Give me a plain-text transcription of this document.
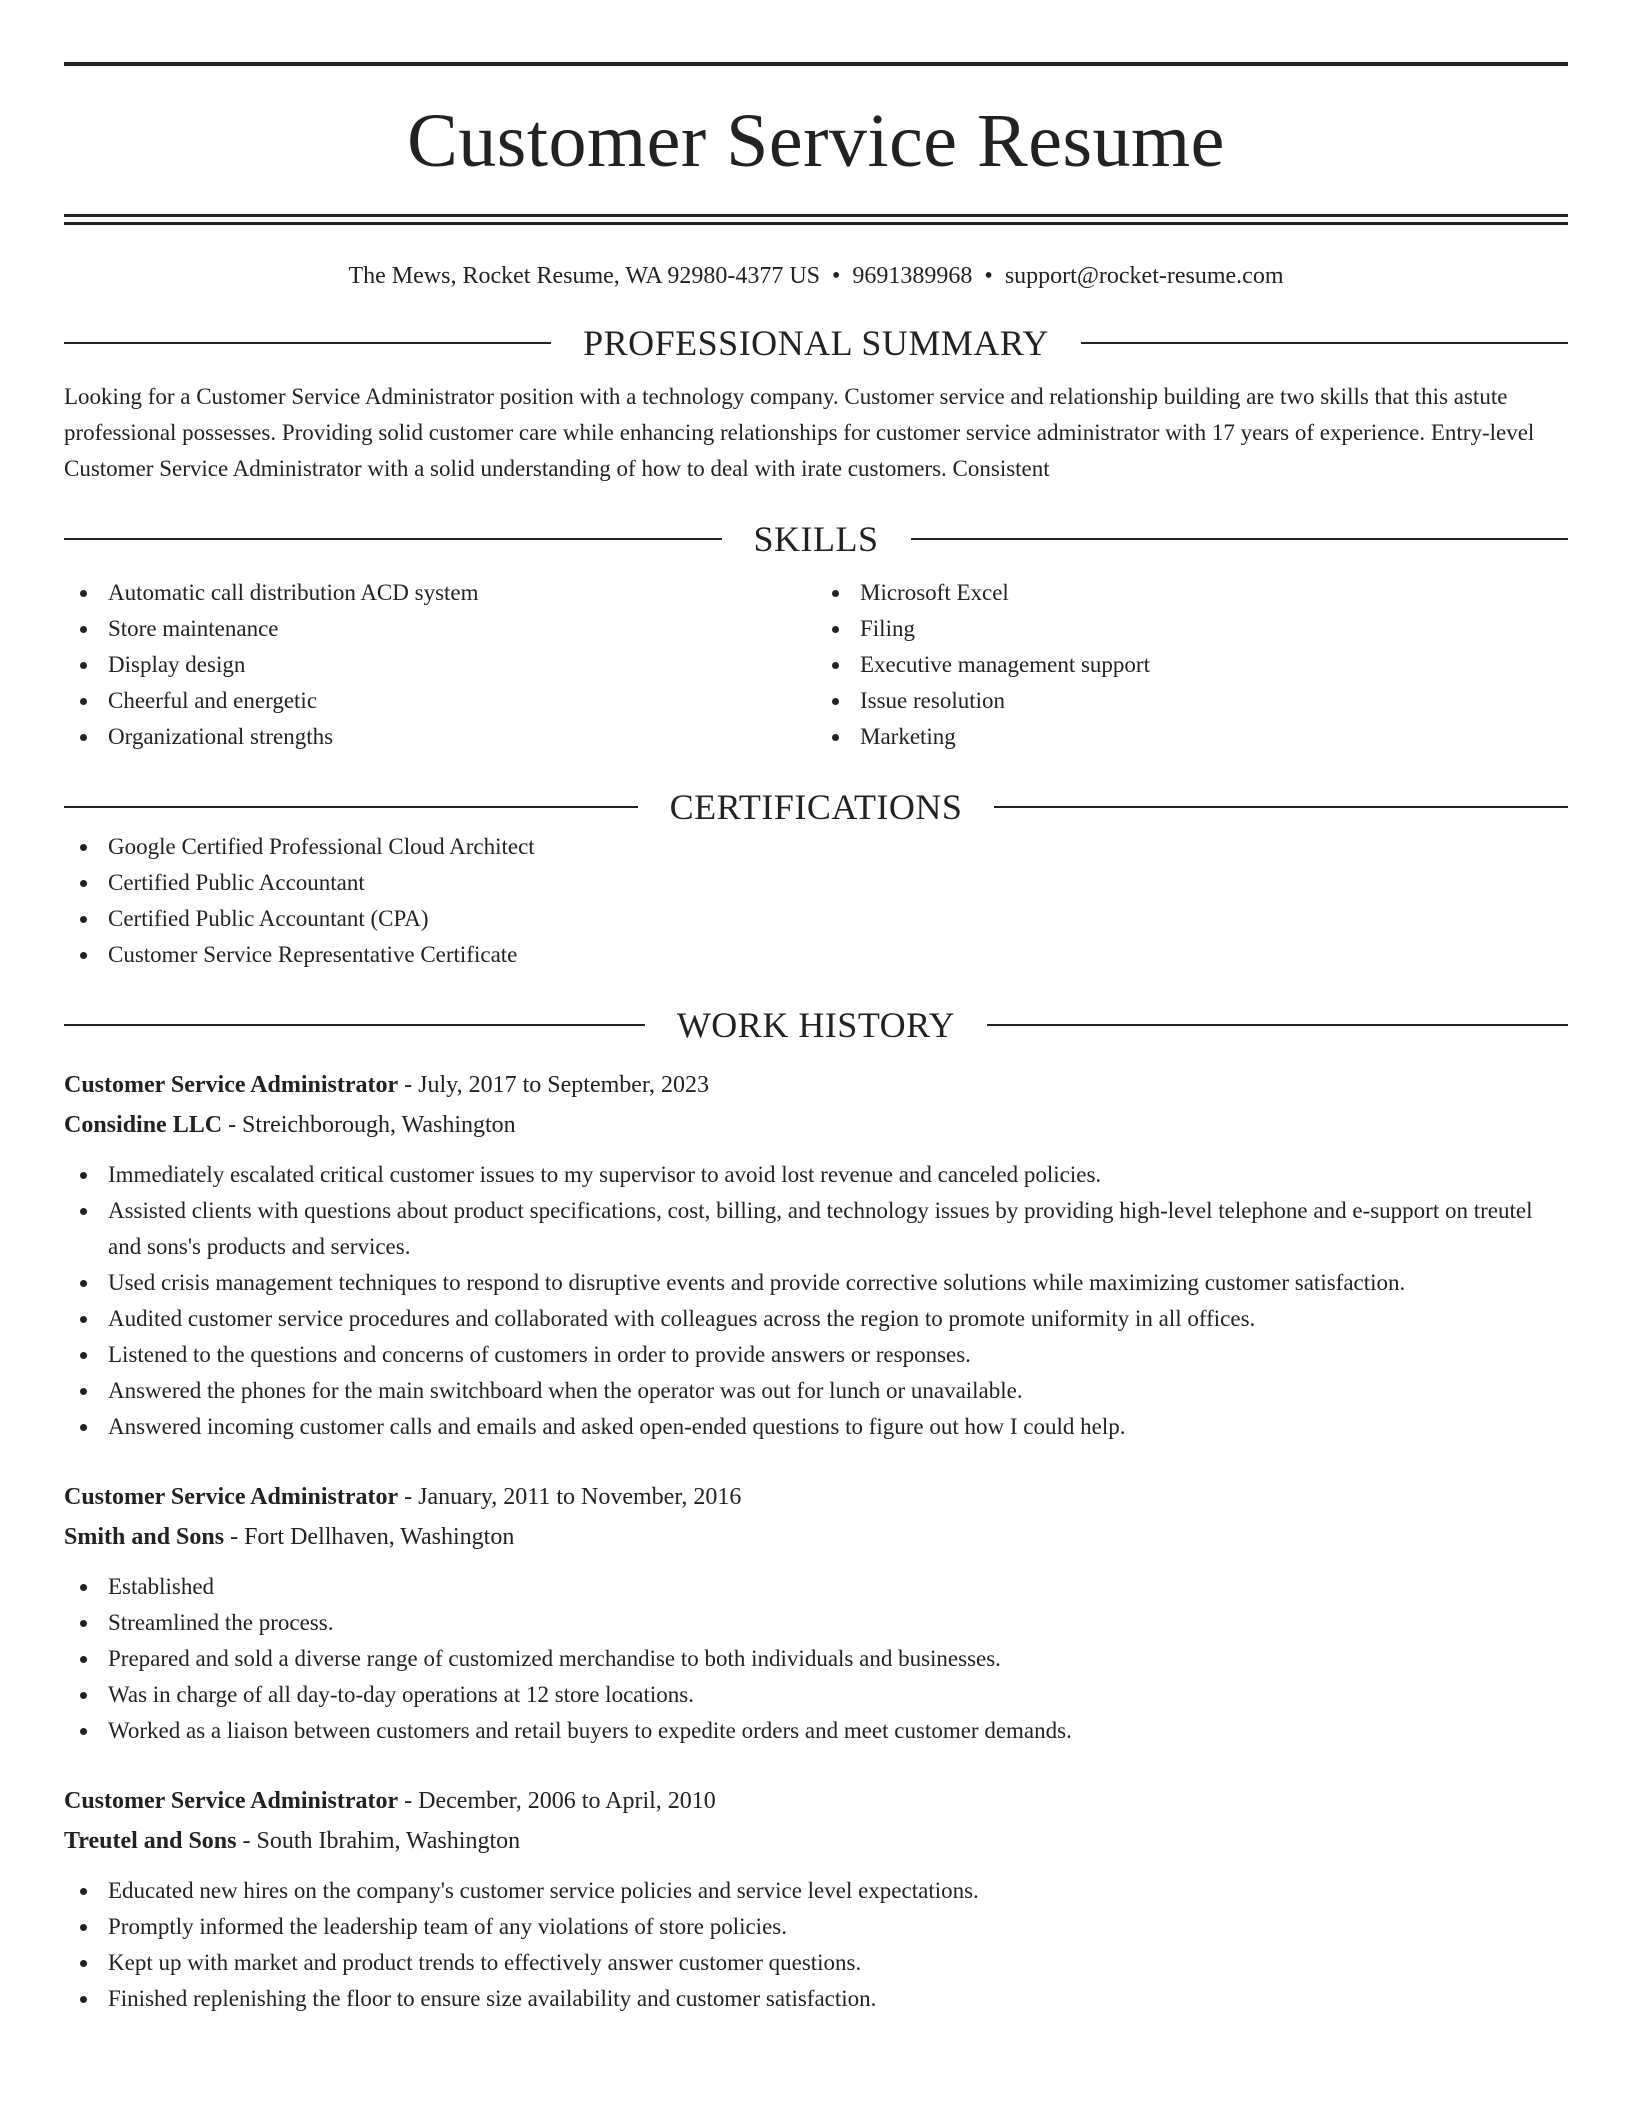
Customer Service Resume
The Mews, Rocket Resume, WA 92980-4377 US • 9691389968 • support@rocket-resume.com
PROFESSIONAL SUMMARY
Looking for a Customer Service Administrator position with a technology company. Customer service and relationship building are two skills that this astute professional possesses. Providing solid customer care while enhancing relationships for customer service administrator with 17 years of experience. Entry-level Customer Service Administrator with a solid understanding of how to deal with irate customers. Consistent
SKILLS
Automatic call distribution ACD system
Store maintenance
Display design
Cheerful and energetic
Organizational strengths
Microsoft Excel
Filing
Executive management support
Issue resolution
Marketing
CERTIFICATIONS
Google Certified Professional Cloud Architect
Certified Public Accountant
Certified Public Accountant (CPA)
Customer Service Representative Certificate
WORK HISTORY
Customer Service Administrator - July, 2017 to September, 2023
Considine LLC - Streichborough, Washington
Immediately escalated critical customer issues to my supervisor to avoid lost revenue and canceled policies.
Assisted clients with questions about product specifications, cost, billing, and technology issues by providing high-level telephone and e-support on treutel and sons's products and services.
Used crisis management techniques to respond to disruptive events and provide corrective solutions while maximizing customer satisfaction.
Audited customer service procedures and collaborated with colleagues across the region to promote uniformity in all offices.
Listened to the questions and concerns of customers in order to provide answers or responses.
Answered the phones for the main switchboard when the operator was out for lunch or unavailable.
Answered incoming customer calls and emails and asked open-ended questions to figure out how I could help.
Customer Service Administrator - January, 2011 to November, 2016
Smith and Sons - Fort Dellhaven, Washington
Established
Streamlined the process.
Prepared and sold a diverse range of customized merchandise to both individuals and businesses.
Was in charge of all day-to-day operations at 12 store locations.
Worked as a liaison between customers and retail buyers to expedite orders and meet customer demands.
Customer Service Administrator - December, 2006 to April, 2010
Treutel and Sons - South Ibrahim, Washington
Educated new hires on the company's customer service policies and service level expectations.
Promptly informed the leadership team of any violations of store policies.
Kept up with market and product trends to effectively answer customer questions.
Finished replenishing the floor to ensure size availability and customer satisfaction.
